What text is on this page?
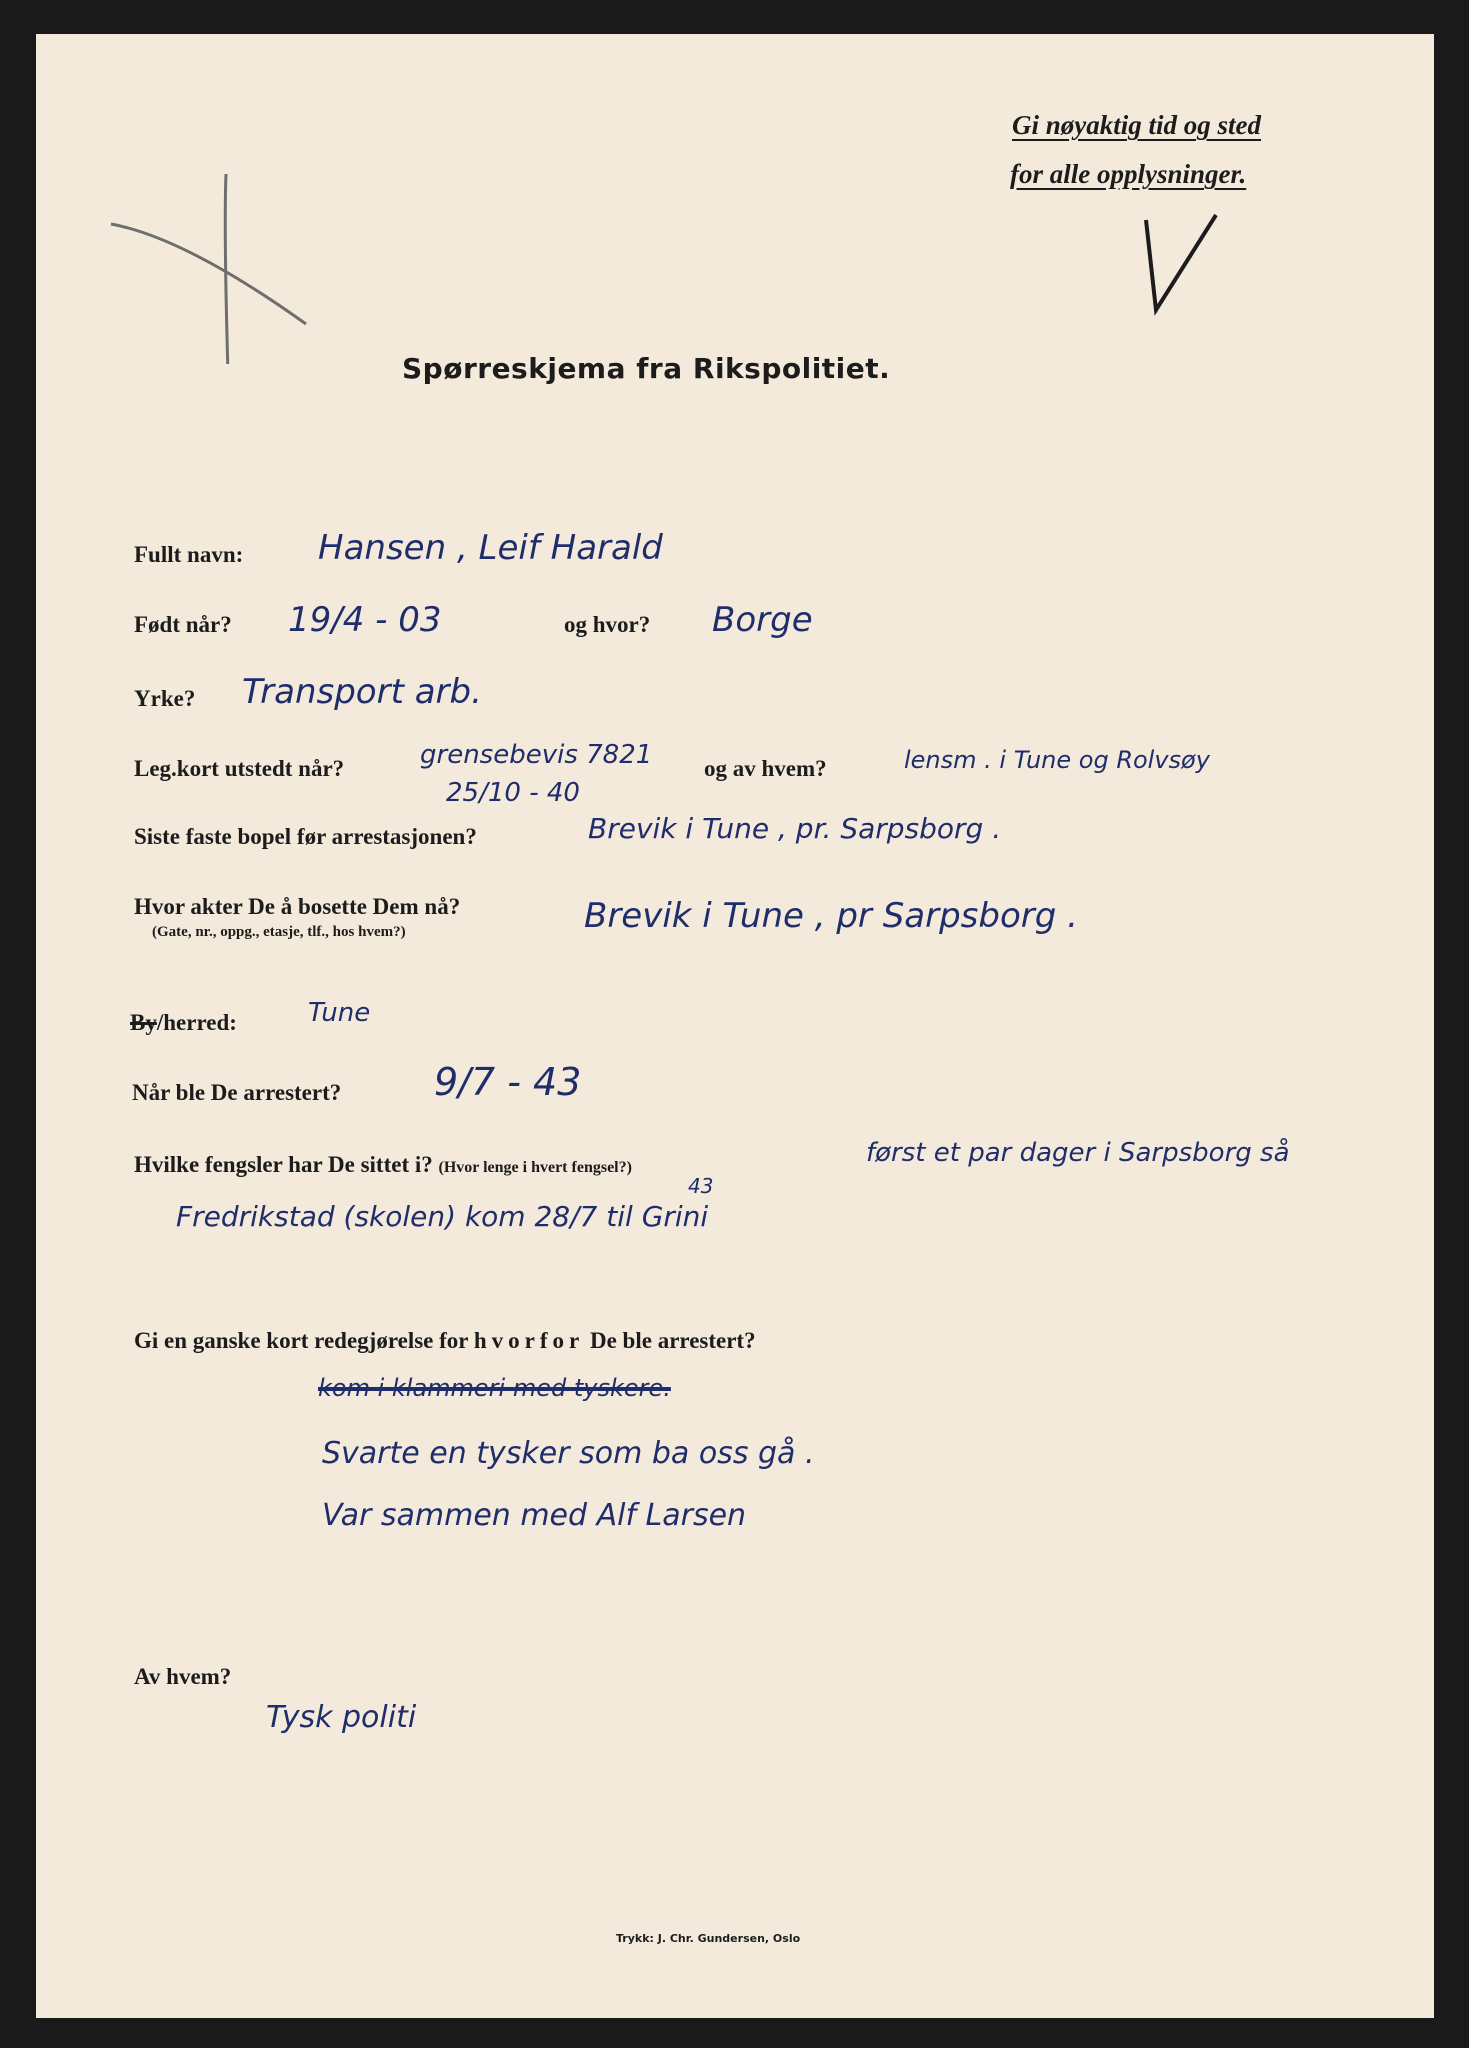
Gi nøyaktig tid og sted
for alle opplysninger.
Spørreskjema fra Rikspolitiet.
Fullt navn: Hansen , Leif Harald
Født når? 19/4 - 03	og hvor? Borge
Yrke? Transport arb.
Leg.kort utstedt når?	grensebevis 7821
25/10 - 40
og av hvem?	lensm . i Tune og Rolvsøy
Siste faste bopel før arrestasjonen?	Brevik i Tune , pr. Sarpsborg .
Hvor akter De å bosette Dem nå?
(Gate, nr., oppg., etasje, tlf., hos hvem?)	Brevik i Tune , pr Sarpsborg .
By/herred:	Tune
Når ble De arrestert? 9/7 - 43
Hvilke fengsler har De sittet i? (Hvor lenge i hvert fengsel?)	først et par dager i Sarpsborg så
Fredrikstad (skolen) kom 28/7 til Grini
43
Gi en ganske kort redegjørelse for hvorfor De ble arrestert?
kom i klammeri med tyskere.
Svarte en tysker som ba oss gå .
Var sammen med Alf Larsen
Av hvem?
Tysk politi
Trykk: J. Chr. Gundersen, Oslo
